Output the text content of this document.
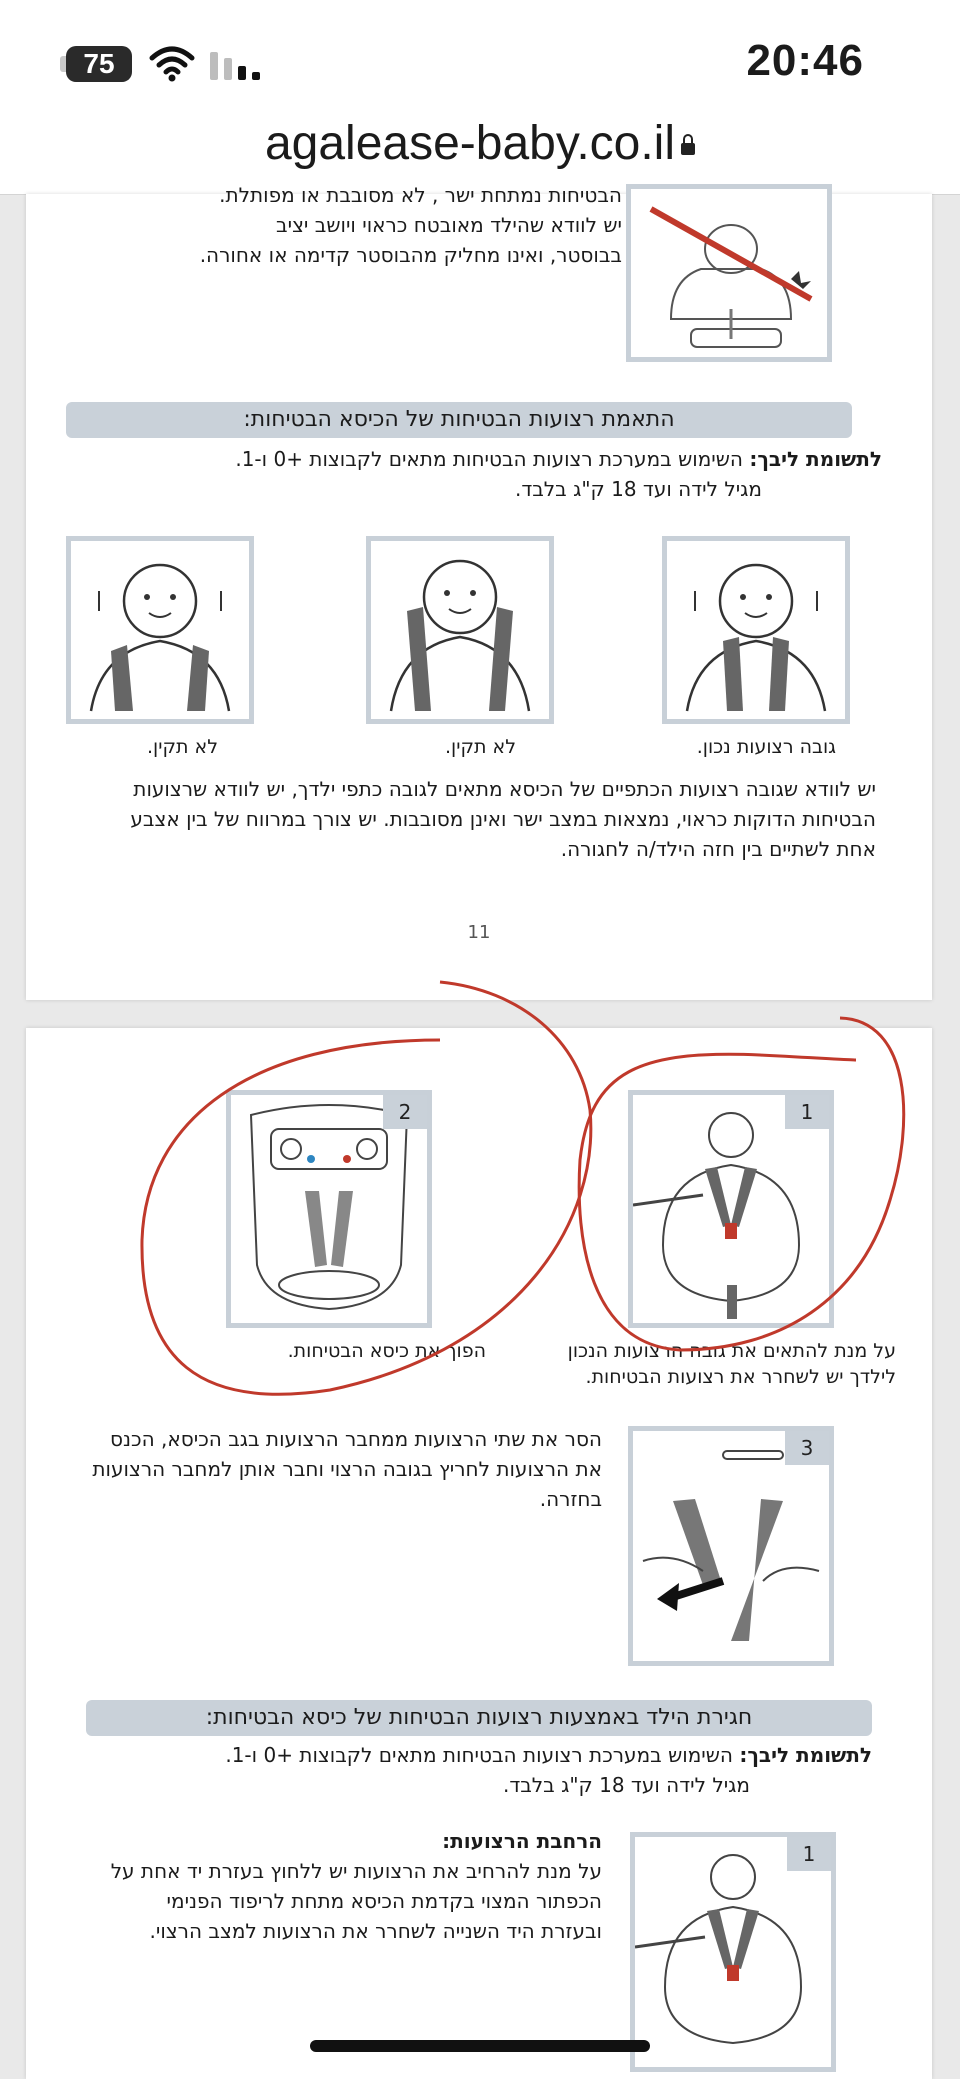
75	20:46
agalease-baby.co.il
הבטיחות נמתחת ישר , לא מסובבת או מפותלת.
יש לוודא שהילד מאובטח כראוי ויושב יציב
בבוסטר, ואינו מחליק מהבוסטר קדימה או אחורה.
התאמת רצועות הבטיחות של הכיסא הבטיחות:
לתשומת ליבך: השימוש במערכת רצועות הבטיחות מתאים לקבוצות +0 ו-1.
מגיל לידה ועד 18 ק"ג בלבד.
גובה רצועות נכון.
לא תקין.
לא תקין.
יש לוודא שגובה רצועות הכתפיים של הכיסא מתאים לגובה כתפי ילדך, יש לוודא שרצועות
הבטיחות הדוקות כראוי, נמצאות במצב ישר ואינן מסובבות. יש צורך במרווח של בין אצבע
אחת לשתיים בין חזה הילד/ה לחגורה.
11
1
2
על מנת להתאים את גובה הרצועות הנכון
לילדך יש לשחרר את רצועות הבטיחות.
הפוך את כיסא הבטיחות.
3
הסר את שתי הרצועות ממחבר הרצועות בגב הכיסא, הכנס
את הרצועות לחריץ בגובה הרצוי וחבר אותן למחבר הרצועות
בחזרה.
חגירת הילד באמצעות רצועות הבטיחות של כיסא הבטיחות:
לתשומת ליבך: השימוש במערכת רצועות הבטיחות מתאים לקבוצות +0 ו-1.
מגיל לידה ועד 18 ק"ג בלבד.
הרחבת הרצועות:
על מנת להרחיב את הרצועות יש ללחוץ בעזרת יד אחת על
הכפתור המצוי בקדמת הכיסא מתחת לריפוד הפנימי
ובעזרת היד השנייה לשחרר את הרצועות למצב הרצוי.
1
